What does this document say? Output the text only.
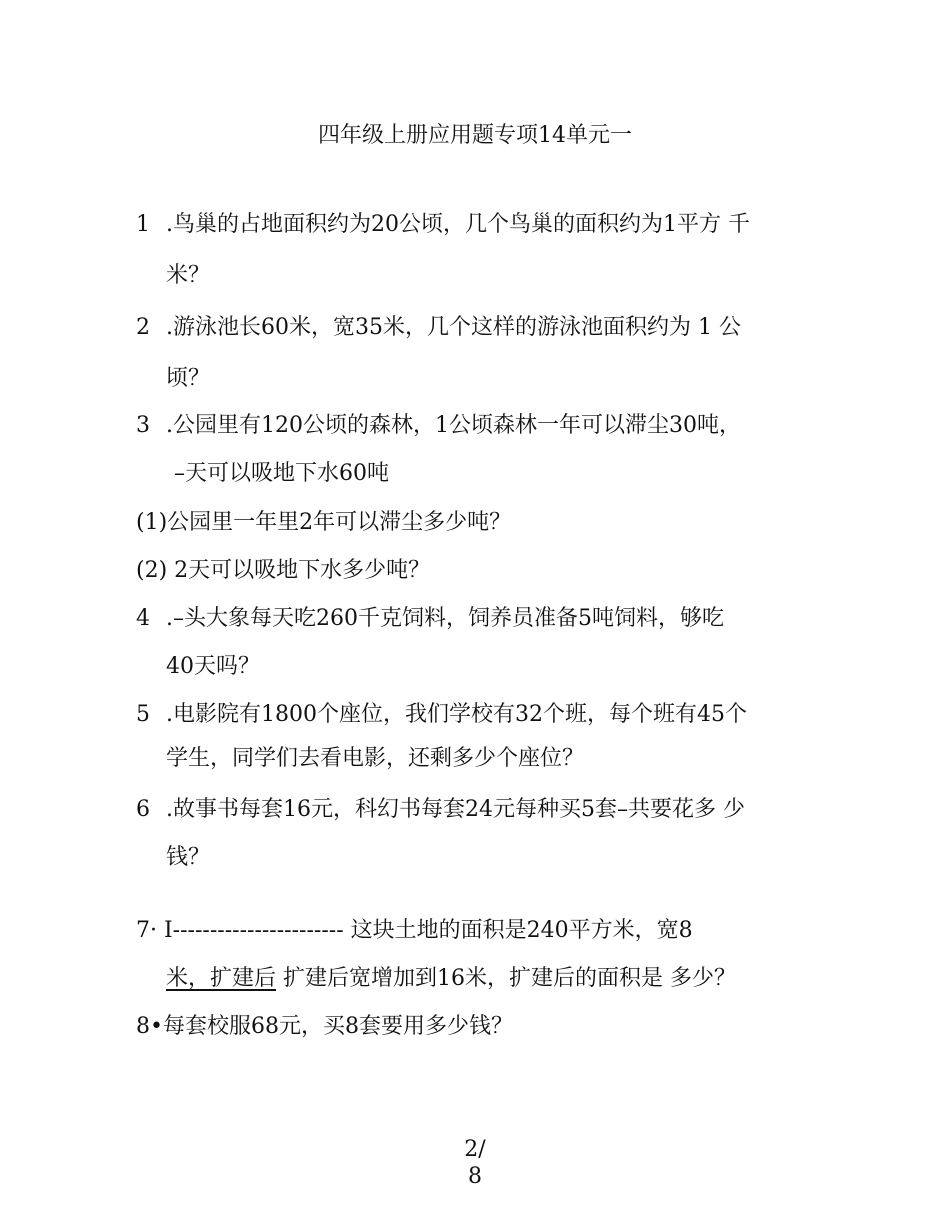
四年级上册应用题专项14单元一
1 .鸟巢的占地面积约为20公顷，几个鸟巢的面积约为1平方 千
米？
2 .游泳池长60米，宽35米，几个这样的游泳池面积约为 1 公
顷？
3 .公园里有120公顷的森林，1公顷森林一年可以滞尘30吨，
–天可以吸地下水60吨
(1)公园里一年里2年可以滞尘多少吨？
(2) 2天可以吸地下水多少吨？
4 .–头大象每天吃260千克饲料，饲养员准备5吨饲料，够吃
40天吗？
5 .电影院有1800个座位，我们学校有32个班，每个班有45个
学生，同学们去看电影，还剩多少个座位？
6 .故事书每套16元，科幻书每套24元每种买5套–共要花多 少
钱？
7· I----------------------- 这块土地的面积是240平方米，宽8
米，扩建后 扩建后宽增加到16米，扩建后的面积是 多少？
8•每套校服68元，买8套要用多少钱？
2/
8
